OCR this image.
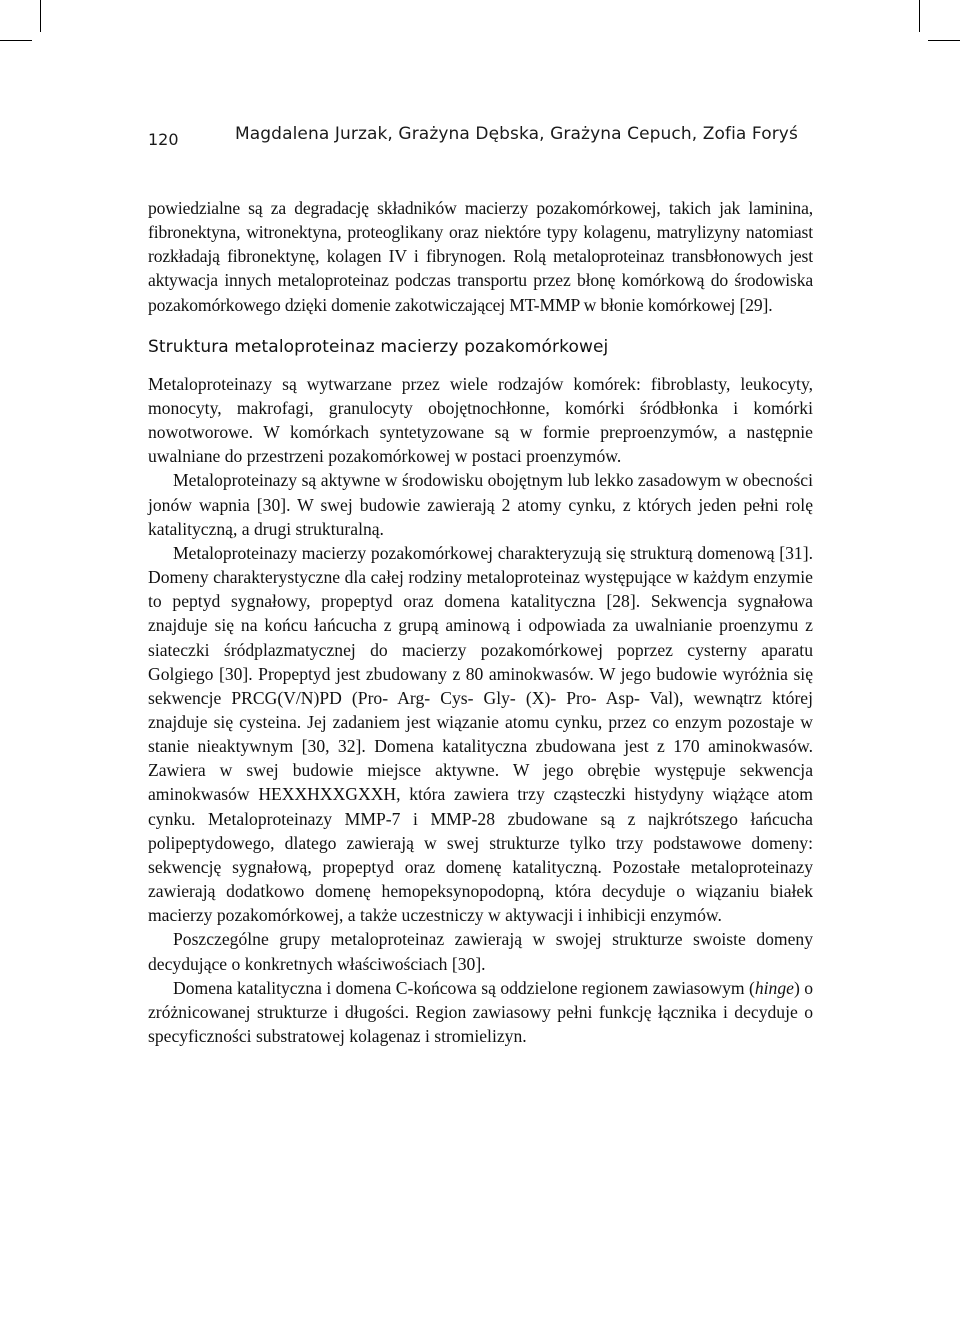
120	Magdalena Jurzak, Grażyna Dębska, Grażyna Cepuch, Zofia Foryś

powiedzialne są za degradację składników macierzy pozakomórkowej, takich jak laminina, fibronektyna, witronektyna, proteoglikany oraz niektóre typy kolagenu, matrylizyny natomiast rozkładają fibronektynę, kolagen IV i fibrynogen. Rolą metaloproteinaz transbłonowych jest aktywacja innych metaloproteinaz podczas transportu przez błonę komórkową do środowiska pozakomórkowego dzięki domenie zakotwiczającej MT-MMP w błonie komórkowej [29].

Struktura metaloproteinaz macierzy pozakomórkowej

Metaloproteinazy są wytwarzane przez wiele rodzajów komórek: fibroblasty, leukocyty, monocyty, makrofagi, granulocyty obojętnochłonne, komórki śródbłonka i komórki nowotworowe. W komórkach syntetyzowane są w formie preproenzymów, a następnie uwalniane do przestrzeni pozakomórkowej w postaci proenzymów.

Metaloproteinazy są aktywne w środowisku obojętnym lub lekko zasadowym w obecności jonów wapnia [30]. W swej budowie zawierają 2 atomy cynku, z których jeden pełni rolę katalityczną, a drugi strukturalną.

Metaloproteinazy macierzy pozakomórkowej charakteryzują się strukturą domenową [31]. Domeny charakterystyczne dla całej rodziny metaloproteinaz występujące w każdym enzymie to peptyd sygnałowy, propeptyd oraz domena katalityczna [28]. Sekwencja sygnałowa znajduje się na końcu łańcucha z grupą aminową i odpowiada za uwalnianie proenzymu z siateczki śródplazmatycznej do macierzy pozakomórkowej poprzez cysterny aparatu Golgiego [30]. Propeptyd jest zbudowany z 80 aminokwasów. W jego budowie wyróżnia się sekwencje PRCG(V/N)PD (Pro- Arg- Cys- Gly- (X)- Pro- Asp- Val), wewnątrz której znajduje się cysteina. Jej zadaniem jest wiązanie atomu cynku, przez co enzym pozostaje w stanie nieaktywnym [30, 32]. Domena katalityczna zbudowana jest z 170 aminokwasów. Zawiera w swej budowie miejsce aktywne. W jego obrębie występuje sekwencja aminokwasów HEXXHXXGXXH, która zawiera trzy cząsteczki histydyny wiążące atom cynku. Metaloproteinazy MMP-7 i MMP-28 zbudowane są z najkrótszego łańcucha polipeptydowego, dlatego zawierają w swej strukturze tylko trzy podstawowe domeny: sekwencję sygnałową, propeptyd oraz domenę katalityczną. Pozostałe metaloproteinazy zawierają dodatkowo domenę hemopeksynopodopną, która decyduje o wiązaniu białek macierzy pozakomórkowej, a także uczestniczy w aktywacji i inhibicji enzymów.

Poszczególne grupy metaloproteinaz zawierają w swojej strukturze swoiste domeny decydujące o konkretnych właściwościach [30].

Domena katalityczna i domena C-końcowa są oddzielone regionem zawiasowym (hinge) o zróżnicowanej strukturze i długości. Region zawiasowy pełni funkcję łącznika i decyduje o specyficzności substratowej kolagenaz i stromielizyn.
